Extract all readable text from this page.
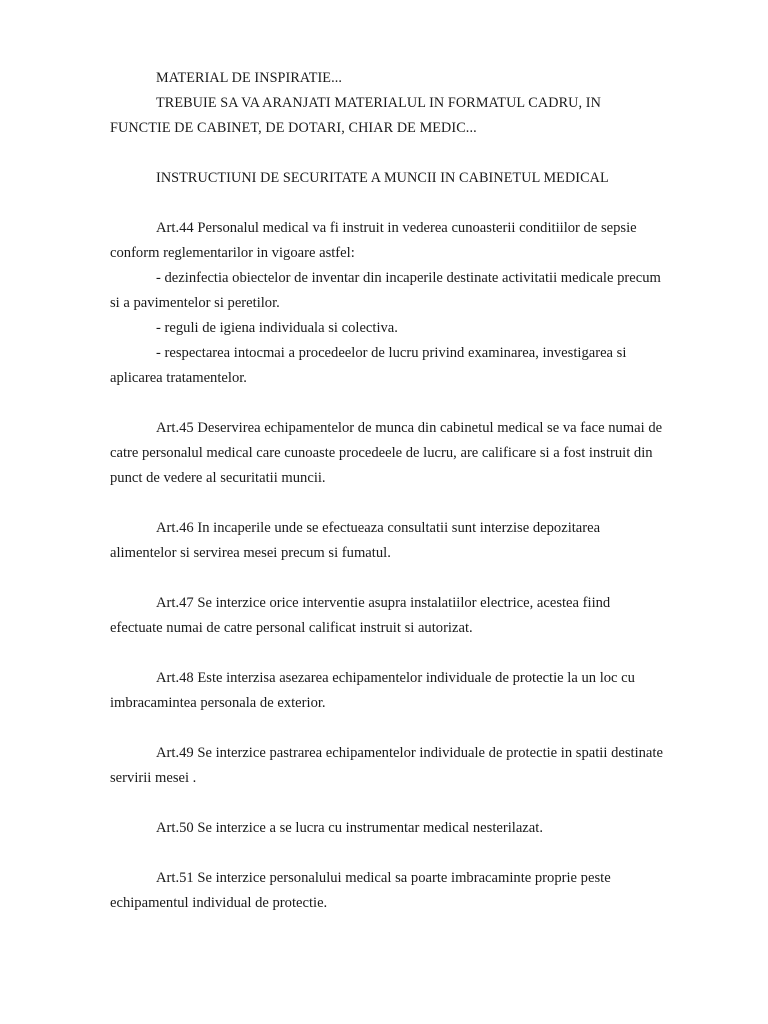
MATERIAL DE INSPIRATIE...

TREBUIE SA VA ARANJATI MATERIALUL IN FORMATUL CADRU, IN
FUNCTIE DE CABINET, DE DOTARI, CHIAR DE MEDIC...

INSTRUCTIUNI DE SECURITATE A MUNCII IN CABINETUL MEDICAL

Art.44 Personalul medical va fi instruit in vederea cunoasterii conditiilor de sepsie
conform reglementarilor in vigoare astfel:

- dezinfectia obiectelor de inventar din incaperile destinate activitatii medicale precum
si a pavimentelor si peretilor.

- reguli de igiena individuala si colectiva.

- respectarea intocmai a procedeelor de lucru privind examinarea, investigarea si
aplicarea tratamentelor.

Art.45 Deservirea echipamentelor de munca din cabinetul medical se va face numai de
catre personalul medical care cunoaste procedeele de lucru, are calificare si a fost instruit din
punct de vedere al securitatii muncii.

Art.46 In incaperile unde se efectueaza consultatii sunt interzise depozitarea
alimentelor si servirea mesei precum si fumatul.

Art.47 Se interzice orice interventie asupra instalatiilor electrice, acestea fiind
efectuate numai de catre personal calificat instruit si autorizat.

Art.48 Este interzisa asezarea echipamentelor individuale de protectie la un loc cu
imbracamintea personala de exterior.

Art.49 Se interzice pastrarea echipamentelor individuale de protectie in spatii destinate
servirii mesei .

Art.50 Se interzice a se lucra cu instrumentar medical nesterilazat.

Art.51 Se interzice personalului medical sa poarte imbracaminte proprie peste
echipamentul individual de protectie.
